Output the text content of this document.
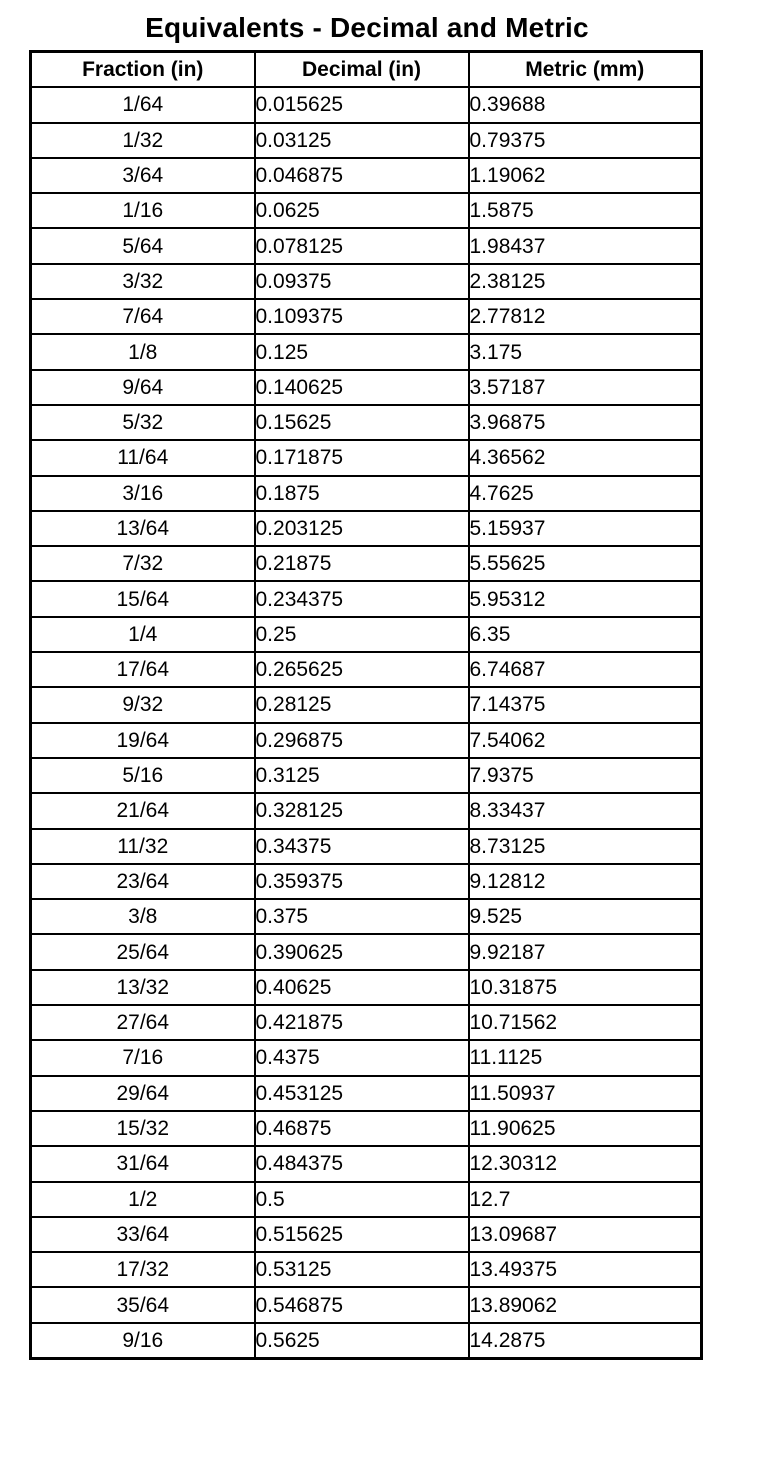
Equivalents - Decimal and Metric
Fraction (in)	Decimal (in)	Metric (mm)
1/64	0.015625	0.39688
1/32	0.03125	0.79375
3/64	0.046875	1.19062
1/16	0.0625	1.5875
5/64	0.078125	1.98437
3/32	0.09375	2.38125
7/64	0.109375	2.77812
1/8	0.125	3.175
9/64	0.140625	3.57187
5/32	0.15625	3.96875
11/64	0.171875	4.36562
3/16	0.1875	4.7625
13/64	0.203125	5.15937
7/32	0.21875	5.55625
15/64	0.234375	5.95312
1/4	0.25	6.35
17/64	0.265625	6.74687
9/32	0.28125	7.14375
19/64	0.296875	7.54062
5/16	0.3125	7.9375
21/64	0.328125	8.33437
11/32	0.34375	8.73125
23/64	0.359375	9.12812
3/8	0.375	9.525
25/64	0.390625	9.92187
13/32	0.40625	10.31875
27/64	0.421875	10.71562
7/16	0.4375	11.1125
29/64	0.453125	11.50937
15/32	0.46875	11.90625
31/64	0.484375	12.30312
1/2	0.5	12.7
33/64	0.515625	13.09687
17/32	0.53125	13.49375
35/64	0.546875	13.89062
9/16	0.5625	14.2875
